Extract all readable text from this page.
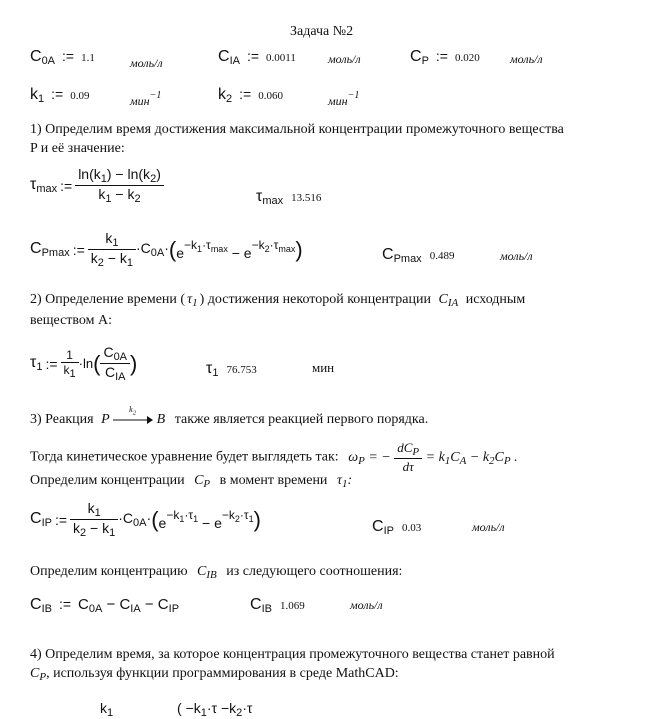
Задача №2
$C_{0A}$ := 1.1	моль/л	$C_{IA}$ := 0.0011	моль/л	$C_P$ := 0.020	моль/л
$k_1$ := 0.09	мин$^{-1}$	$k_2$ := 0.060	мин$^{-1}$
1) Определим время достижения максимальной концентрации промежуточного вещества
P и её значение:
$\tau_{max}$ := $\frac{\ln(k_1) - \ln(k_2)}{k_1 - k_2}$	$\tau_{max}$ 13.516
$C_{Pmax}$ := $\frac{k_1}{k_2 - k_1} \cdot C_{0A}\cdot$ ( $e-k_1\cdot\tau_{max} - e-k_2\cdot\tau_{max}$ )	$C_{Pmax}$ 0.489	моль/л
2) Определение времени ( $\tau_1$ ) достижения некоторой концентрации $C_{IA}$ исходным
веществом A:
$\tau_1$ := $\frac{1}{k_1} \cdot\ln$ ( $\frac{C_{0A}}{C_{IA}}$ )	$\tau_1$ 76.753	мин
3) Реакция P
$k_2$ B также является реакцией первого порядка.
Тогда кинетическое уравнение будет выглядеть так: $\omega_P$ = − $\frac{dC_P}{d\tau} = k_1C_A - k_2C_P$ .
Определим концентрации $C_P$ в момент времени $\tau_1$:
$C_{IP}$ := $\frac{k_1}{k_2 - k_1} \cdot C_{0A}\cdot$ ( $e-k_1\cdot\tau_1 - e-k_2\cdot\tau_1$ )	$C_{IP}$ 0.03	моль/л
Определим концентрацию $C_{IB}$ из следующего соотношения:
$C_{IB}$ := $C_{0A} - C_{IA} - C_{IP}$	$C_{IB}$ 1.069	моль/л
4) Определим время, за которое концентрация промежуточного вещества станет равной
$C_P$, используя функции программирования в среде MathCAD:
$k_1$	( $-k_1\cdot\tau -k_2\cdot\tau$
